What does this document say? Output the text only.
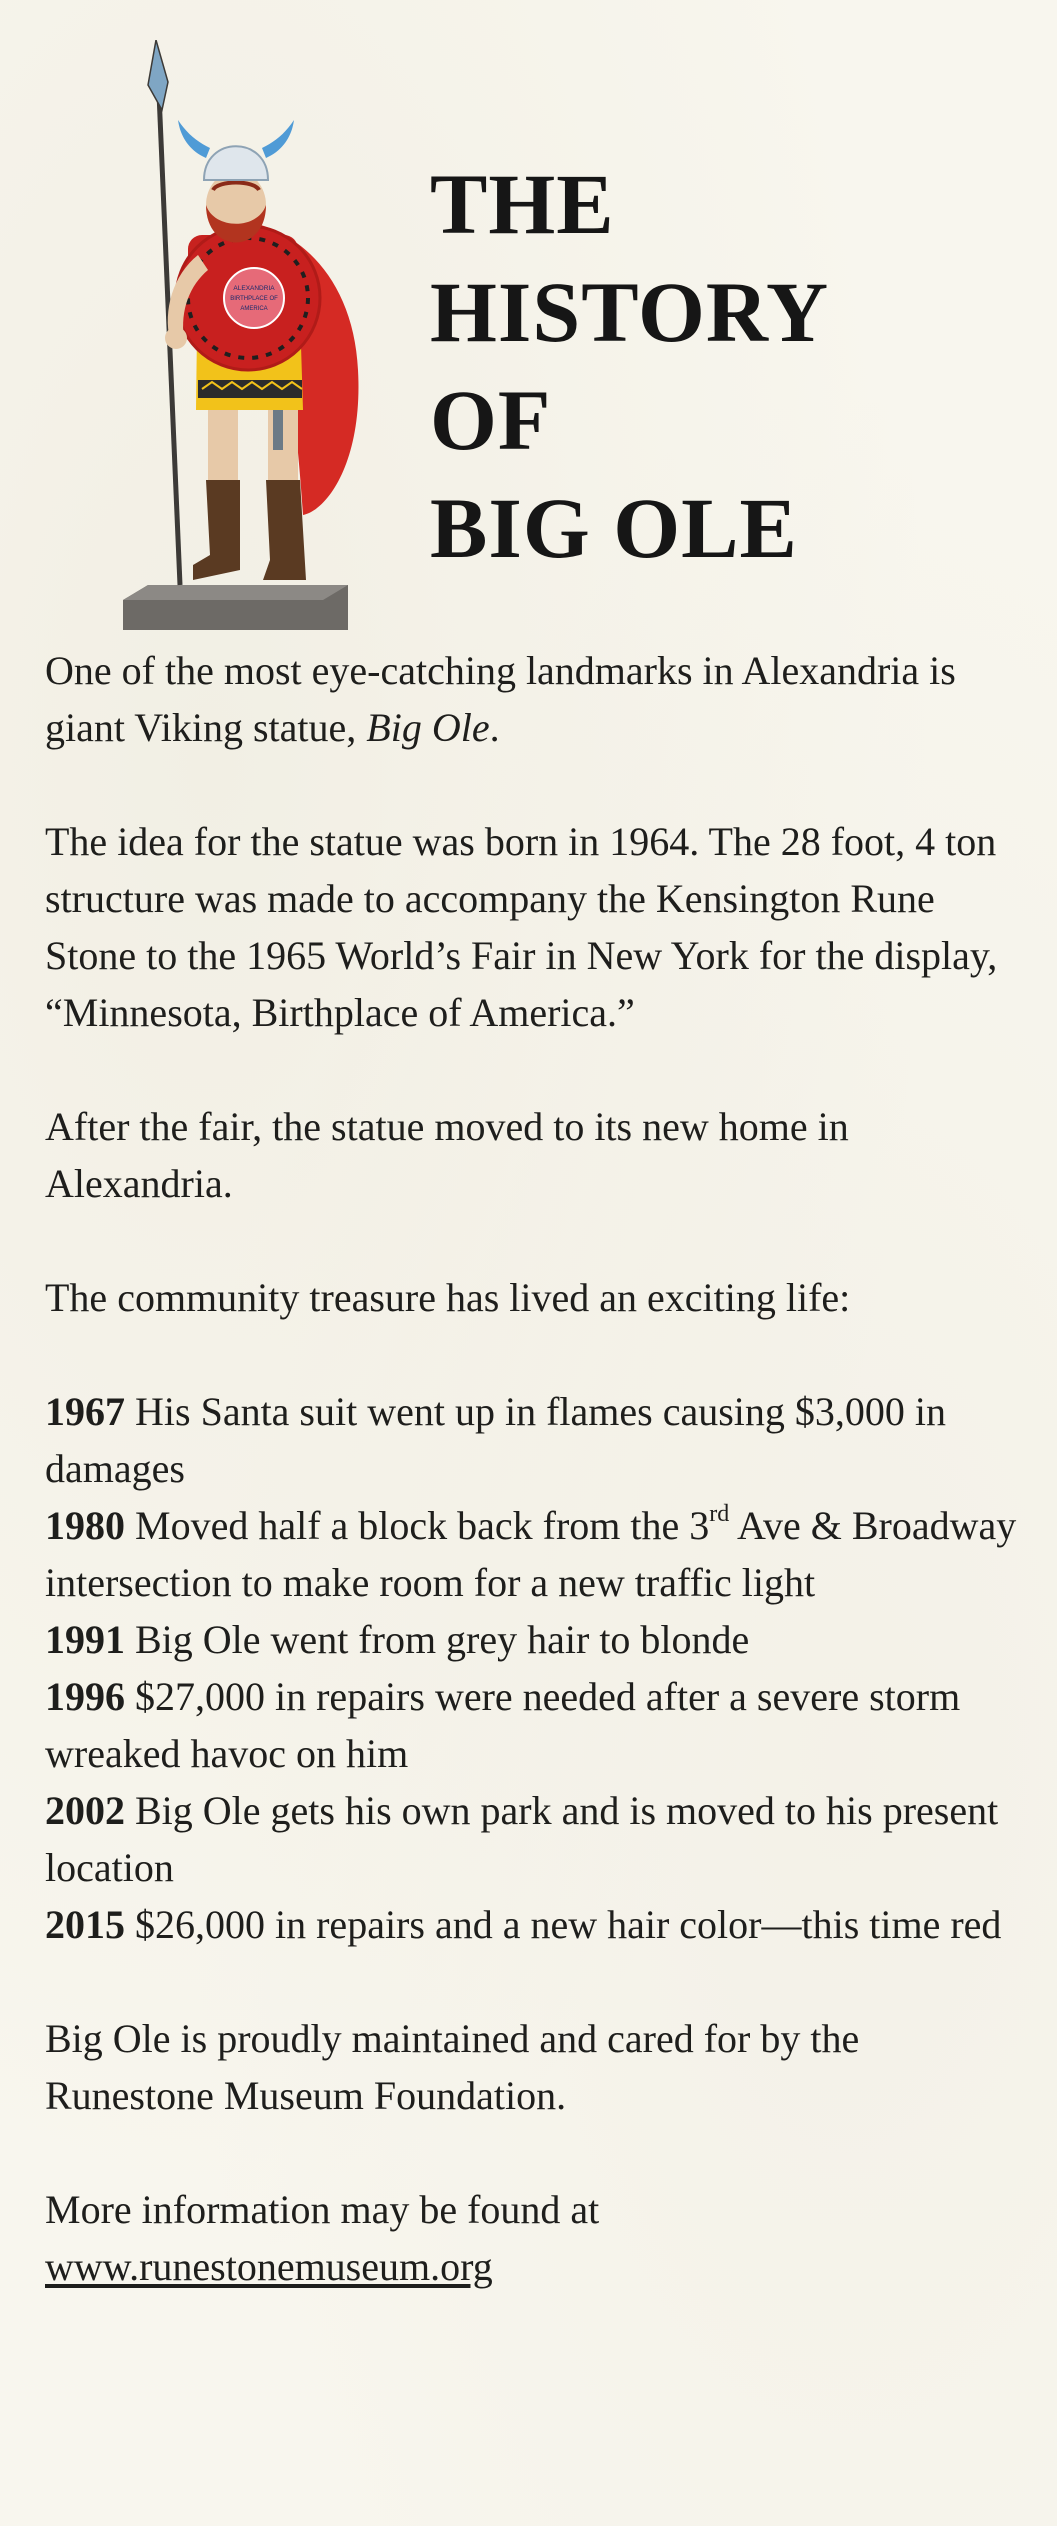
ALEXANDRIA
BIRTHPLACE OF
AMERICA
THE
HISTORY
OF
BIG OLE

One of the most eye-catching landmarks in Alexandria is giant Viking statue, Big Ole.

The idea for the statue was born in 1964. The 28 foot, 4 ton structure was made to accompany the Kensington Rune Stone to the 1965 World’s Fair in New York for the display, “Minnesota, Birthplace of America.”

After the fair, the statue moved to its new home in Alexandria.

The community treasure has lived an exciting life:

1967 His Santa suit went up in flames causing $3,000 in damages

1980 Moved half a block back from the 3rd Ave & Broadway intersection to make room for a new traffic light

1991 Big Ole went from grey hair to blonde

1996 $27,000 in repairs were needed after a severe storm wreaked havoc on him

2002 Big Ole gets his own park and is moved to his present location

2015 $26,000 in repairs and a new hair color—this time red

Big Ole is proudly maintained and cared for by the Runestone Museum Foundation.

More information may be found at

www.runestonemuseum.org
